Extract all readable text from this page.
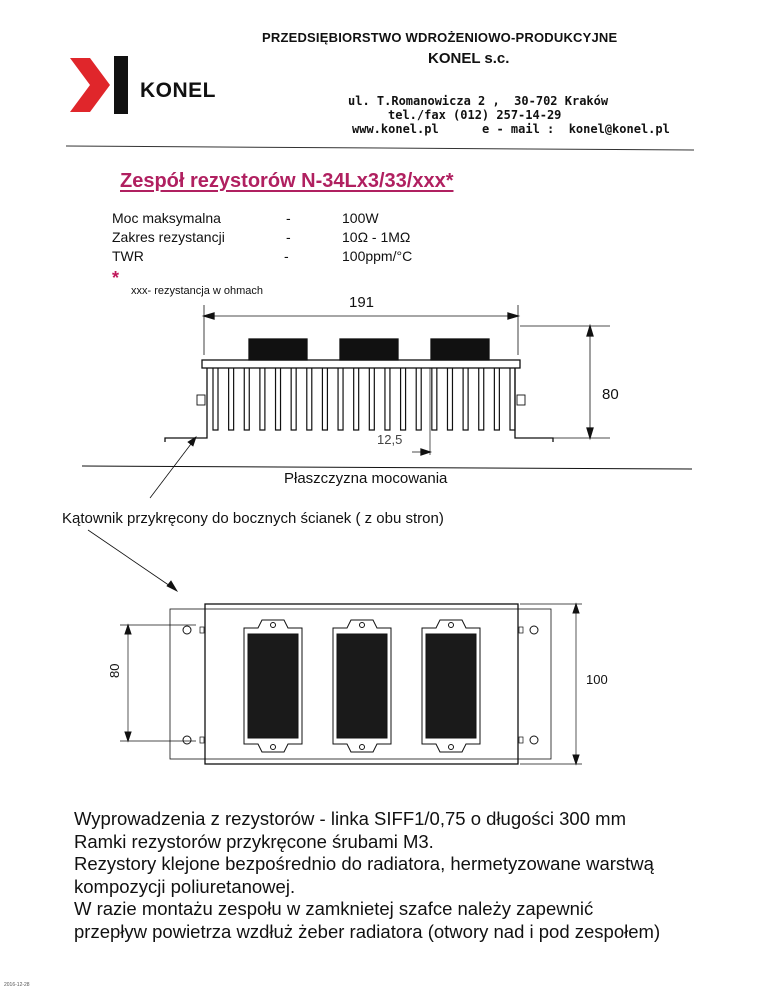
PRZEDSIĘBIORSTWO WDROŻENIOWO-PRODUKCYJNE
KONEL s.c.
KONEL	ul. T.Romanowicza 2 ,  30-702 Kraków
tel./fax (012) 257-14-29
www.konel.pl	e - mail :  konel@konel.pl
Zespół rezystorów N-34Lx3/33/xxx*
Moc maksymalna	-	100W
Zakres rezystancji	-	10Ω - 1MΩ
TWR	-	100ppm/°C
*
xxx- rezystancja w ohmach
191
80
12,5
Płaszczyzna mocowania
Kątownik przykręcony do bocznych ścianek ( z obu stron)
80
100
Wyprowadzenia z rezystorów - linka SIFF1/0,75 o długości 300 mm
Ramki rezystorów przykręcone śrubami M3.
Rezystory klejone bezpośrednio do radiatora, hermetyzowane warstwą
kompozycji poliuretanowej.
W razie montażu zespołu w zamknietej szafce należy zapewnić
przepływ powietrza wzdłuż żeber radiatora (otwory nad i pod zespołem)
2016-12-28
